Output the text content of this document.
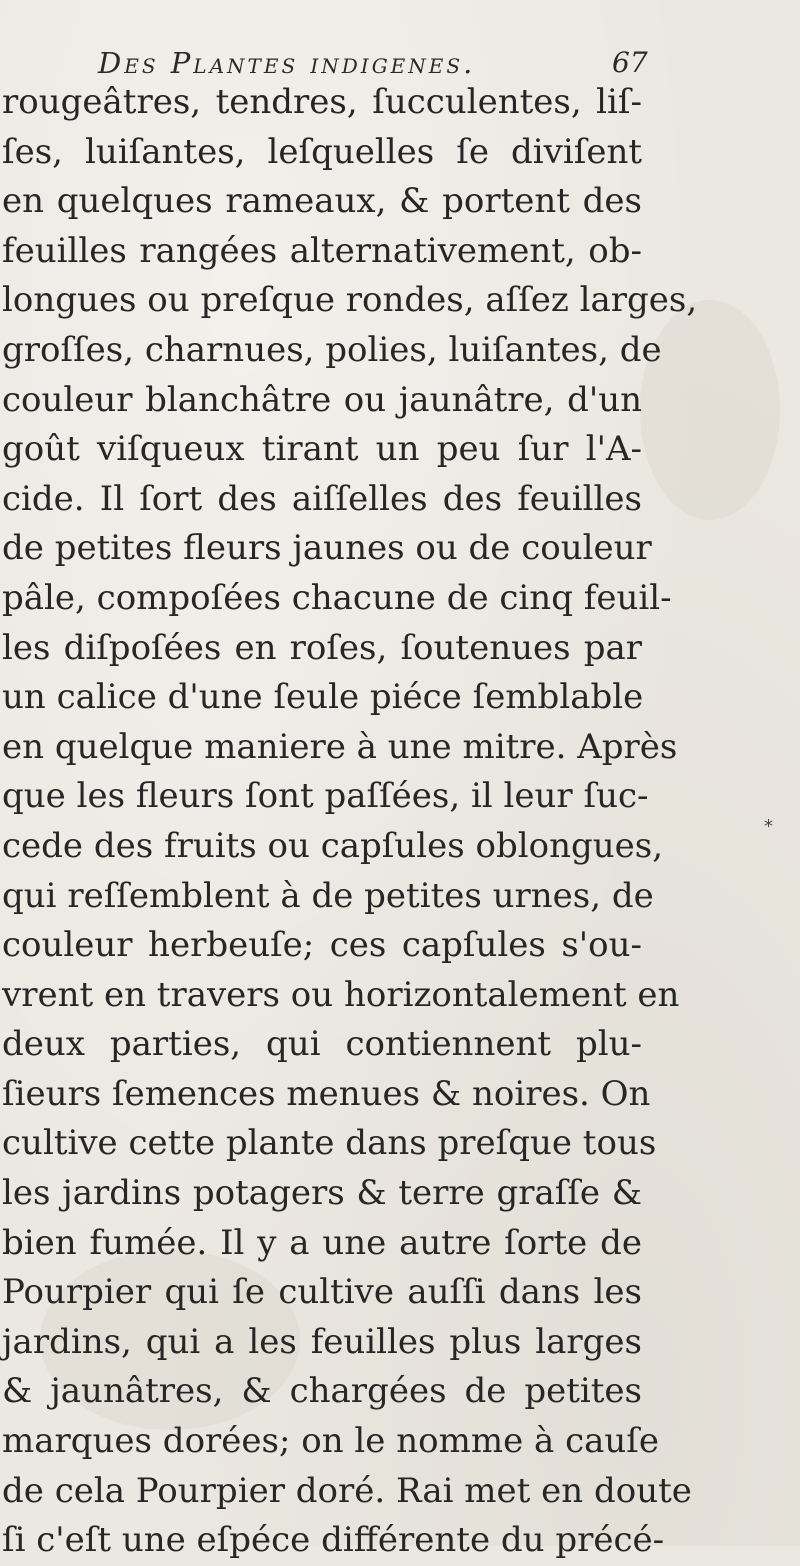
Des Plantes indigenes.	67
rougeâtres, tendres, ſucculentes, liſ-
ſes, luiſantes, leſquelles ſe diviſent
en quelques rameaux, & portent des
feuilles rangées alternativement, ob-
longues ou preſque rondes, aſſez larges,
groſſes, charnues, polies, luiſantes, de
couleur blanchâtre ou jaunâtre, d'un
goût viſqueux tirant un peu ſur l'A-
cide. Il ſort des aiſſelles des feuilles
de petites fleurs jaunes ou de couleur
pâle, compoſées chacune de cinq feuil-
les diſpoſées en roſes, ſoutenues par
un calice d'une ſeule piéce ſemblable
en quelque maniere à une mitre. Après
que les fleurs ſont paſſées, il leur ſuc-
cede des fruits ou capſules oblongues,
qui reſſemblent à de petites urnes, de
couleur herbeuſe; ces capſules s'ou-
vrent en travers ou horizontalement en
deux parties, qui contiennent plu-
ſieurs ſemences menues & noires. On
cultive cette plante dans preſque tous
les jardins potagers & terre graſſe &
bien fumée. Il y a une autre ſorte de
Pourpier qui ſe cultive auſſi dans les
jardins, qui a les feuilles plus larges
& jaunâtres, & chargées de petites
marques dorées; on le nomme à cauſe
de cela Pourpier doré. Rai met en doute
ſi c'eſt une eſpéce différente du précé-
*
